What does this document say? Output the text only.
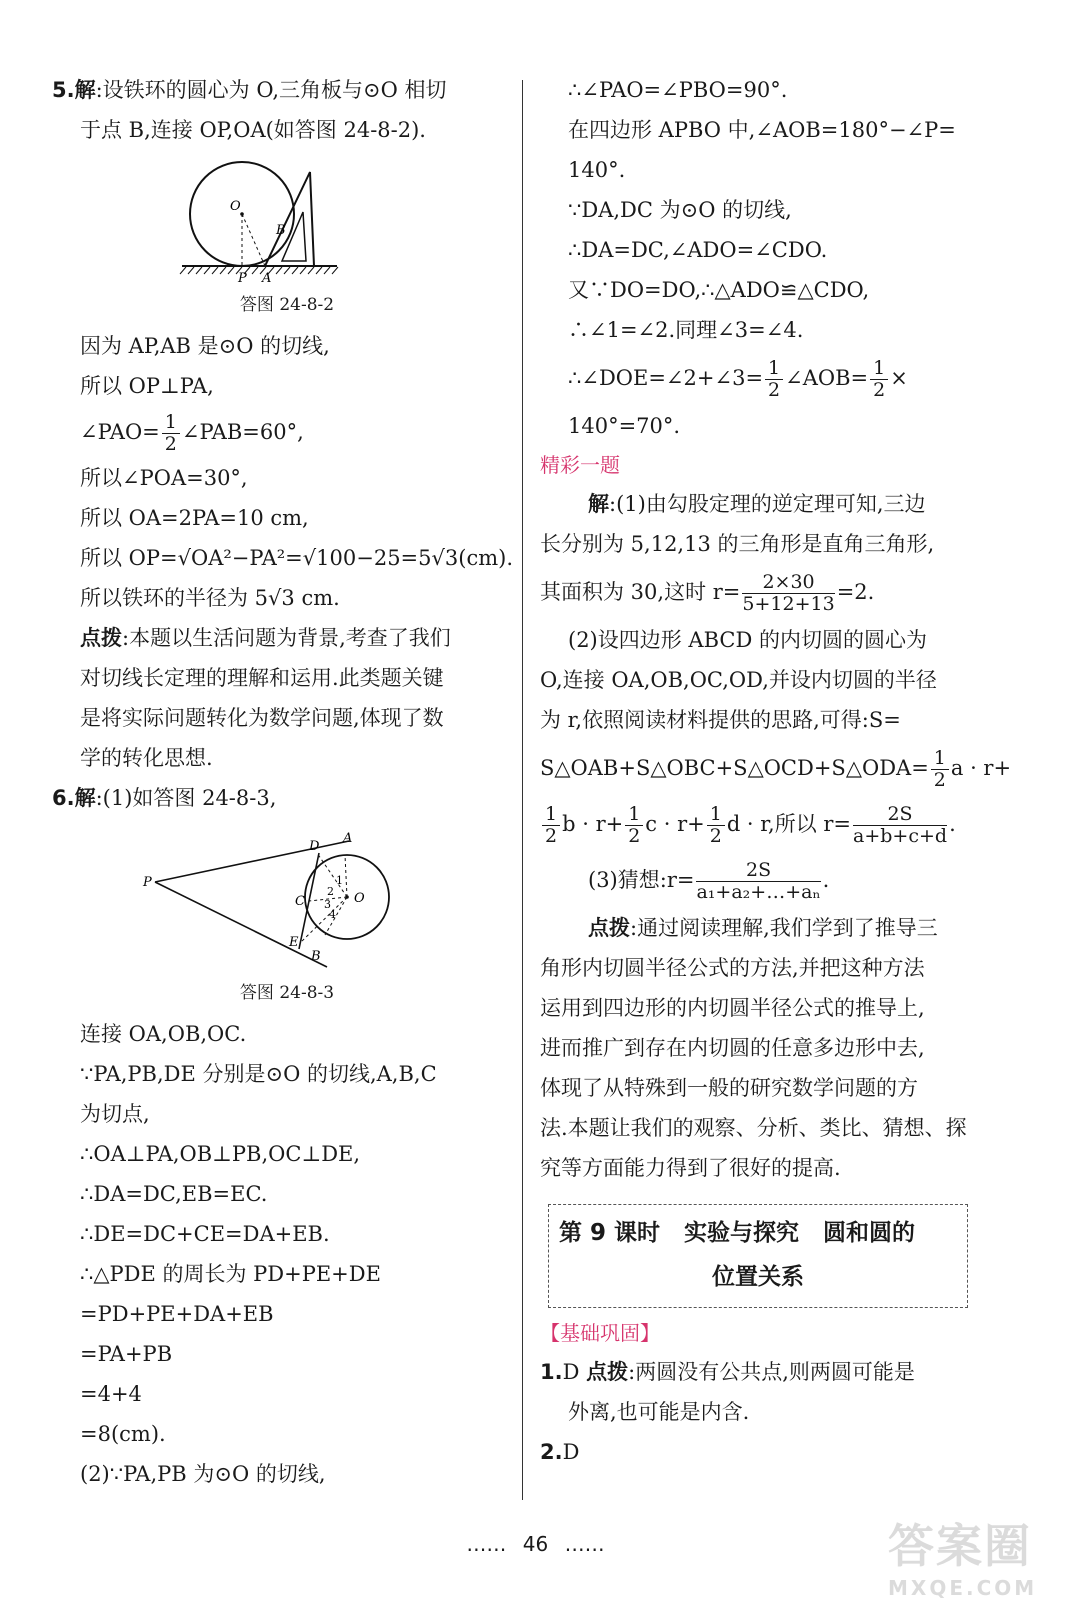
5.解:设铁环的圆心为 O,三角板与⊙O 相切

于点 B,连接 OP,OA(如答图 24-8-2).

O
B
P A
答图 24-8-2

因为 AP,AB 是⊙O 的切线,

所以 OP⊥PA,

∠PAO= $\frac{1}{2}$ ∠PAB=60°,

所以∠POA=30°,

所以 OA=2PA=10 cm,

所以 OP=√OA²−PA²=√100−25=5√3(cm).

所以铁环的半径为 5√3 cm.

点拨:本题以生活问题为背景,考查了我们

对切线长定理的理解和运用.此类题关键

是将实际问题转化为数学问题,体现了数

学的转化思想.

6.解:(1)如答图 24-8-3,

P
D
A
C
E
B
O
1
2
3
4
答图 24-8-3

连接 OA,OB,OC.

∵PA,PB,DE 分别是⊙O 的切线,A,B,C

为切点,

∴OA⊥PA,OB⊥PB,OC⊥DE,

∴DA=DC,EB=EC.

∴DE=DC+CE=DA+EB.

∴△PDE 的周长为 PD+PE+DE

=PD+PE+DA+EB

=PA+PB

=4+4

=8(cm).

(2)∵PA,PB 为⊙O 的切线,

∴∠PAO=∠PBO=90°.

在四边形 APBO 中,∠AOB=180°−∠P=

140°.

∵DA,DC 为⊙O 的切线,

∴DA=DC,∠ADO=∠CDO.

又∵DO=DO,∴△ADO≌△CDO,

∴∠1=∠2.同理∠3=∠4.

∴∠DOE=∠2+∠3= $\frac{1}{2}$ ∠AOB= $\frac{1}{2}$ ×

140°=70°.

精彩一题

解:(1)由勾股定理的逆定理可知,三边

长分别为 5,12,13 的三角形是直角三角形,

其面积为 30,这时 $r= \frac{2\times 30}{5+12+13} =2$.

(2)设四边形 ABCD 的内切圆的圆心为

O,连接 OA,OB,OC,OD,并设内切圆的半径

为 r,依照阅读材料提供的思路,可得:S=

S△OAB+S△OBC+S△OCD+S△ODA= $\frac{1}{2}$ a · r+

$\frac{1}{2}$ $b \cdot r+ \frac{1}{2}$ $c \cdot r+ \frac{1}{2}$ d · r,所以 $r= \frac{2S}{a+b+c+d}$ .

(3)猜想:r= $\frac{2S}{\text{a₁+a₂+…+aₙ}}$ .

点拨:通过阅读理解,我们学到了推导三

角形内切圆半径公式的方法,并把这种方法

运用到四边形的内切圆半径公式的推导上,

进而推广到存在内切圆的任意多边形中去,

体现了从特殊到一般的研究数学问题的方

法.本题让我们的观察、分析、类比、猜想、探

究等方面能力得到了很好的提高.

第 9 课时   实验与探究   圆和圆的
位置关系

【基础巩固】

1.D 点拨:两圆没有公共点,则两圆可能是

外离,也可能是内含.

2.D

…… 46 ……	答案圈
MXQE.COM
